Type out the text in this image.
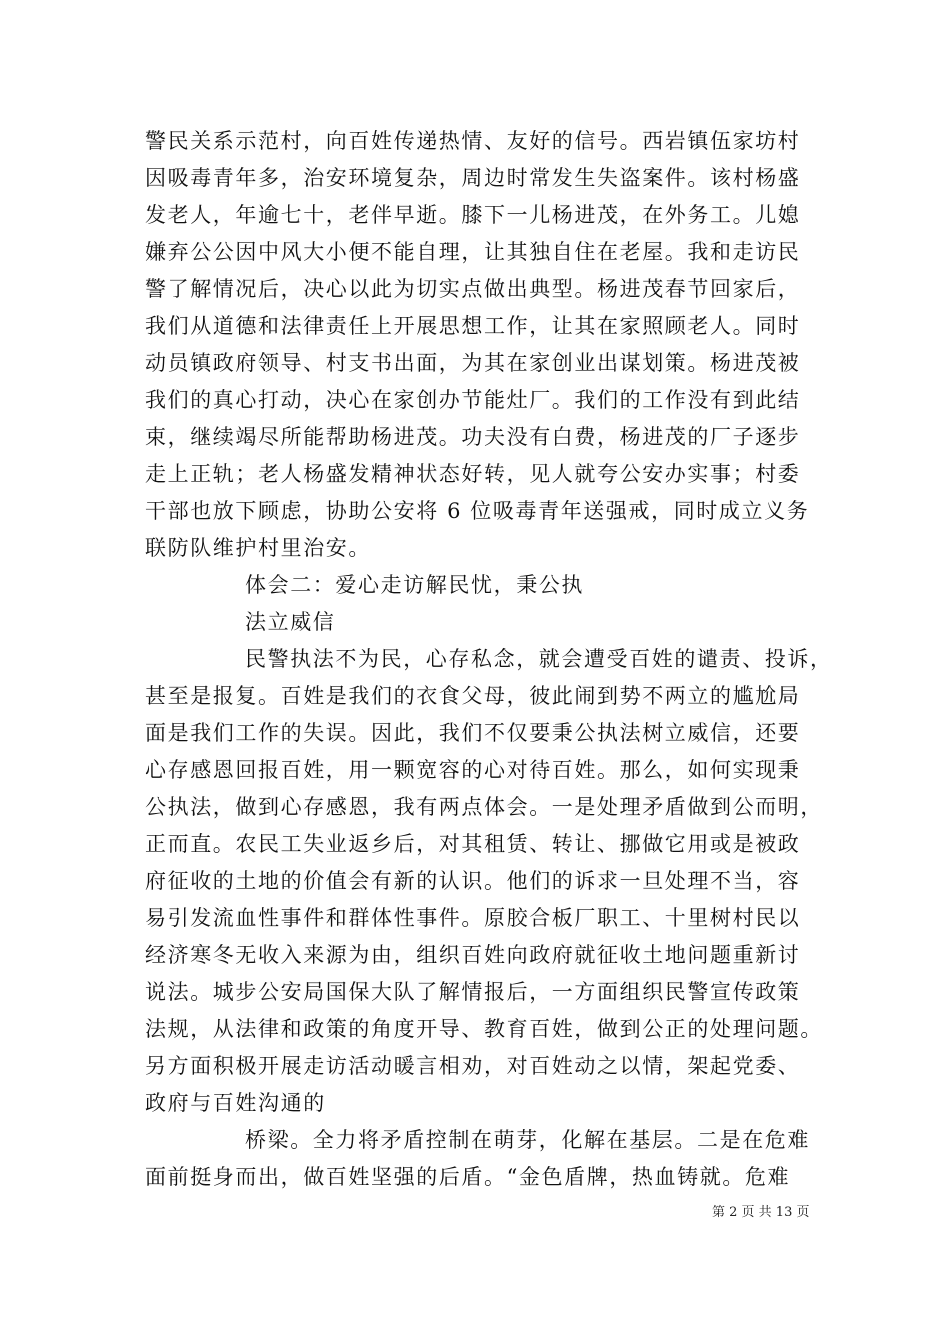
警民关系示范村，向百姓传递热情、友好的信号。西岩镇伍家坊村
因吸毒青年多，治安环境复杂，周边时常发生失盗案件。该村杨盛
发老人，年逾七十，老伴早逝。膝下一儿杨进茂，在外务工。儿媳
嫌弃公公因中风大小便不能自理，让其独自住在老屋。我和走访民
警了解情况后，决心以此为切实点做出典型。杨进茂春节回家后，
我们从道德和法律责任上开展思想工作，让其在家照顾老人。同时
动员镇政府领导、村支书出面，为其在家创业出谋划策。杨进茂被
我们的真心打动，决心在家创办节能灶厂。我们的工作没有到此结
束，继续竭尽所能帮助杨进茂。功夫没有白费，杨进茂的厂子逐步
走上正轨；老人杨盛发精神状态好转，见人就夸公安办实事；村委
干部也放下顾虑，协助公安将 6 位吸毒青年送强戒，同时成立义务
联防队维护村里治安。
体会二：爱心走访解民忧，秉公执
法立威信
民警执法不为民，心存私念，就会遭受百姓的谴责、投诉，
甚至是报复。百姓是我们的衣食父母，彼此闹到势不两立的尴尬局
面是我们工作的失误。因此，我们不仅要秉公执法树立威信，还要
心存感恩回报百姓，用一颗宽容的心对待百姓。那么，如何实现秉
公执法，做到心存感恩，我有两点体会。一是处理矛盾做到公而明，
正而直。农民工失业返乡后，对其租赁、转让、挪做它用或是被政
府征收的土地的价值会有新的认识。他们的诉求一旦处理不当，容
易引发流血性事件和群体性事件。原胶合板厂职工、十里树村民以
经济寒冬无收入来源为由，组织百姓向政府就征收土地问题重新讨
说法。城步公安局国保大队了解情报后，一方面组织民警宣传政策
法规，从法律和政策的角度开导、教育百姓，做到公正的处理问题。
另方面积极开展走访活动暖言相劝，对百姓动之以情，架起党委、
政府与百姓沟通的
桥梁。全力将矛盾控制在萌芽，化解在基层。二是在危难
面前挺身而出，做百姓坚强的后盾。“金色盾牌，热血铸就。危难
第 2 页 共 13 页
